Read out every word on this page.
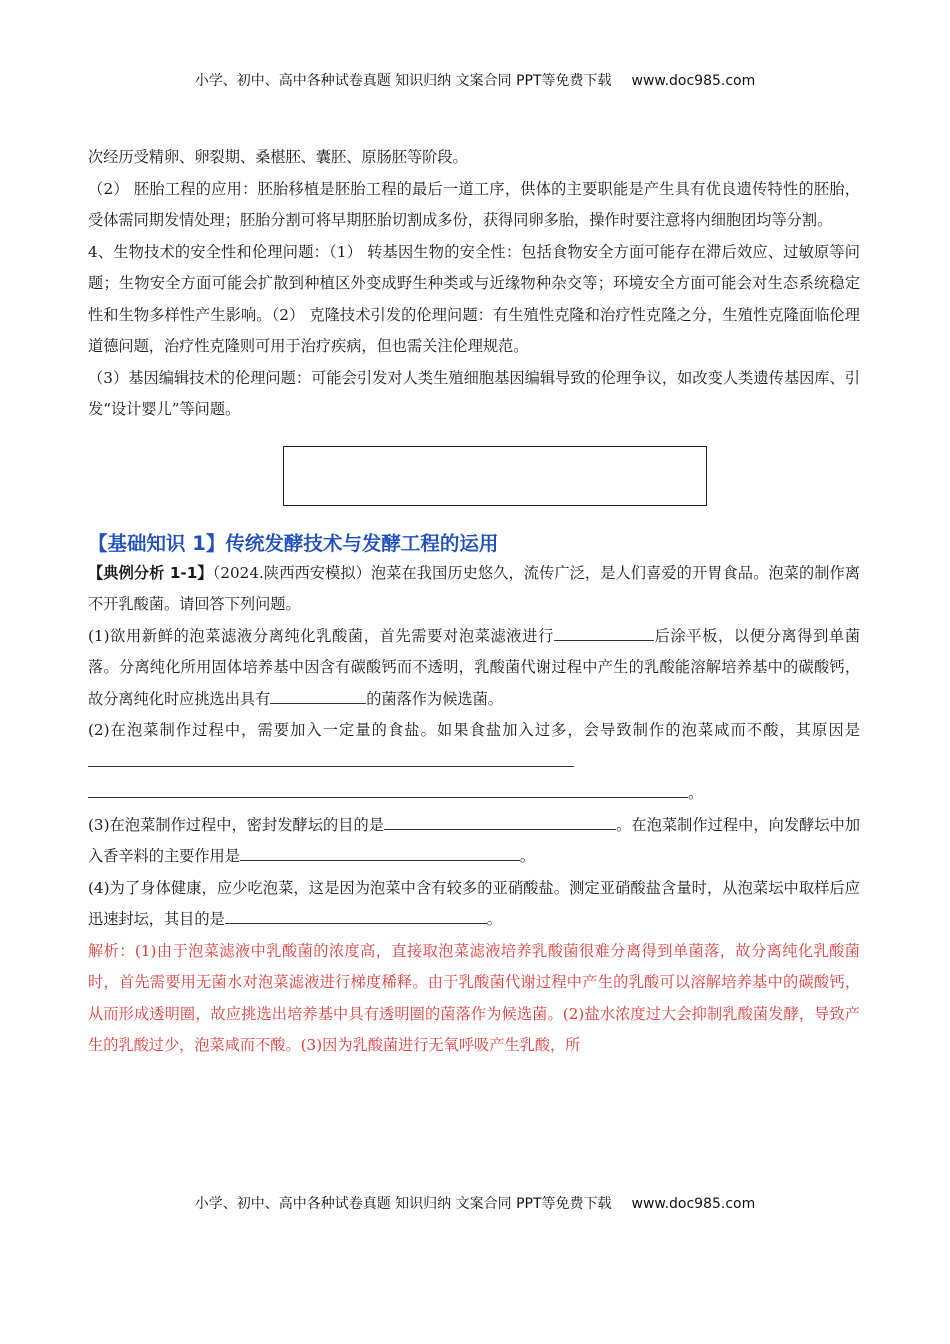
小学、初中、高中各种试卷真题 知识归纳 文案合同 PPT等免费下载 www.doc985.com

次经历受精卵、卵裂期、桑椹胚、囊胚、原肠胚等阶段。

（2） 胚胎工程的应用：胚胎移植是胚胎工程的最后一道工序，供体的主要职能是产生具有优良遗传特性的胚胎，受体需同期发情处理；胚胎分割可将早期胚胎切割成多份，获得同卵多胎，操作时要注意将内细胞团均等分割。

4、生物技术的安全性和伦理问题：（1） 转基因生物的安全性：包括食物安全方面可能存在滞后效应、过敏原等问题；生物安全方面可能会扩散到种植区外变成野生种类或与近缘物种杂交等；环境安全方面可能会对生态系统稳定性和生物多样性产生影响。（2） 克隆技术引发的伦理问题：有生殖性克隆和治疗性克隆之分，生殖性克隆面临伦理道德问题，治疗性克隆则可用于治疗疾病，但也需关注伦理规范。

（3）基因编辑技术的伦理问题：可能会引发对人类生殖细胞基因编辑导致的伦理争议，如改变人类遗传基因库、引发“设计婴儿”等问题。

【基础知识 1】传统发酵技术与发酵工程的运用

【典例分析 1-1】（2024.陕西西安模拟）泡菜在我国历史悠久，流传广泛，是人们喜爱的开胃食品。泡菜的制作离不开乳酸菌。请回答下列问题。

(1)欲用新鲜的泡菜滤液分离纯化乳酸菌，首先需要对泡菜滤液进行	后涂平板，以便分离得到单菌落。分离纯化所用固体培养基中因含有碳酸钙而不透明，乳酸菌代谢过程中产生的乳酸能溶解培养基中的碳酸钙，故分离纯化时应挑选出具有	的菌落作为候选菌。

(2)在泡菜制作过程中，需要加入一定量的食盐。如果食盐加入过多，会导致制作的泡菜咸而不酸，其原因是

。

(3)在泡菜制作过程中，密封发酵坛的目的是	。在泡菜制作过程中，向发酵坛中加入香辛料的主要作用是	。

(4)为了身体健康，应少吃泡菜，这是因为泡菜中含有较多的亚硝酸盐。测定亚硝酸盐含量时，从泡菜坛中取样后应迅速封坛，其目的是	。

解析：(1)由于泡菜滤液中乳酸菌的浓度高，直接取泡菜滤液培养乳酸菌很难分离得到单菌落，故分离纯化乳酸菌时，首先需要用无菌水对泡菜滤液进行梯度稀释。由于乳酸菌代谢过程中产生的乳酸可以溶解培养基中的碳酸钙，从而形成透明圈，故应挑选出培养基中具有透明圈的菌落作为候选菌。(2)盐水浓度过大会抑制乳酸菌发酵，导致产生的乳酸过少，泡菜咸而不酸。(3)因为乳酸菌进行无氧呼吸产生乳酸，所

小学、初中、高中各种试卷真题 知识归纳 文案合同 PPT等免费下载 www.doc985.com
